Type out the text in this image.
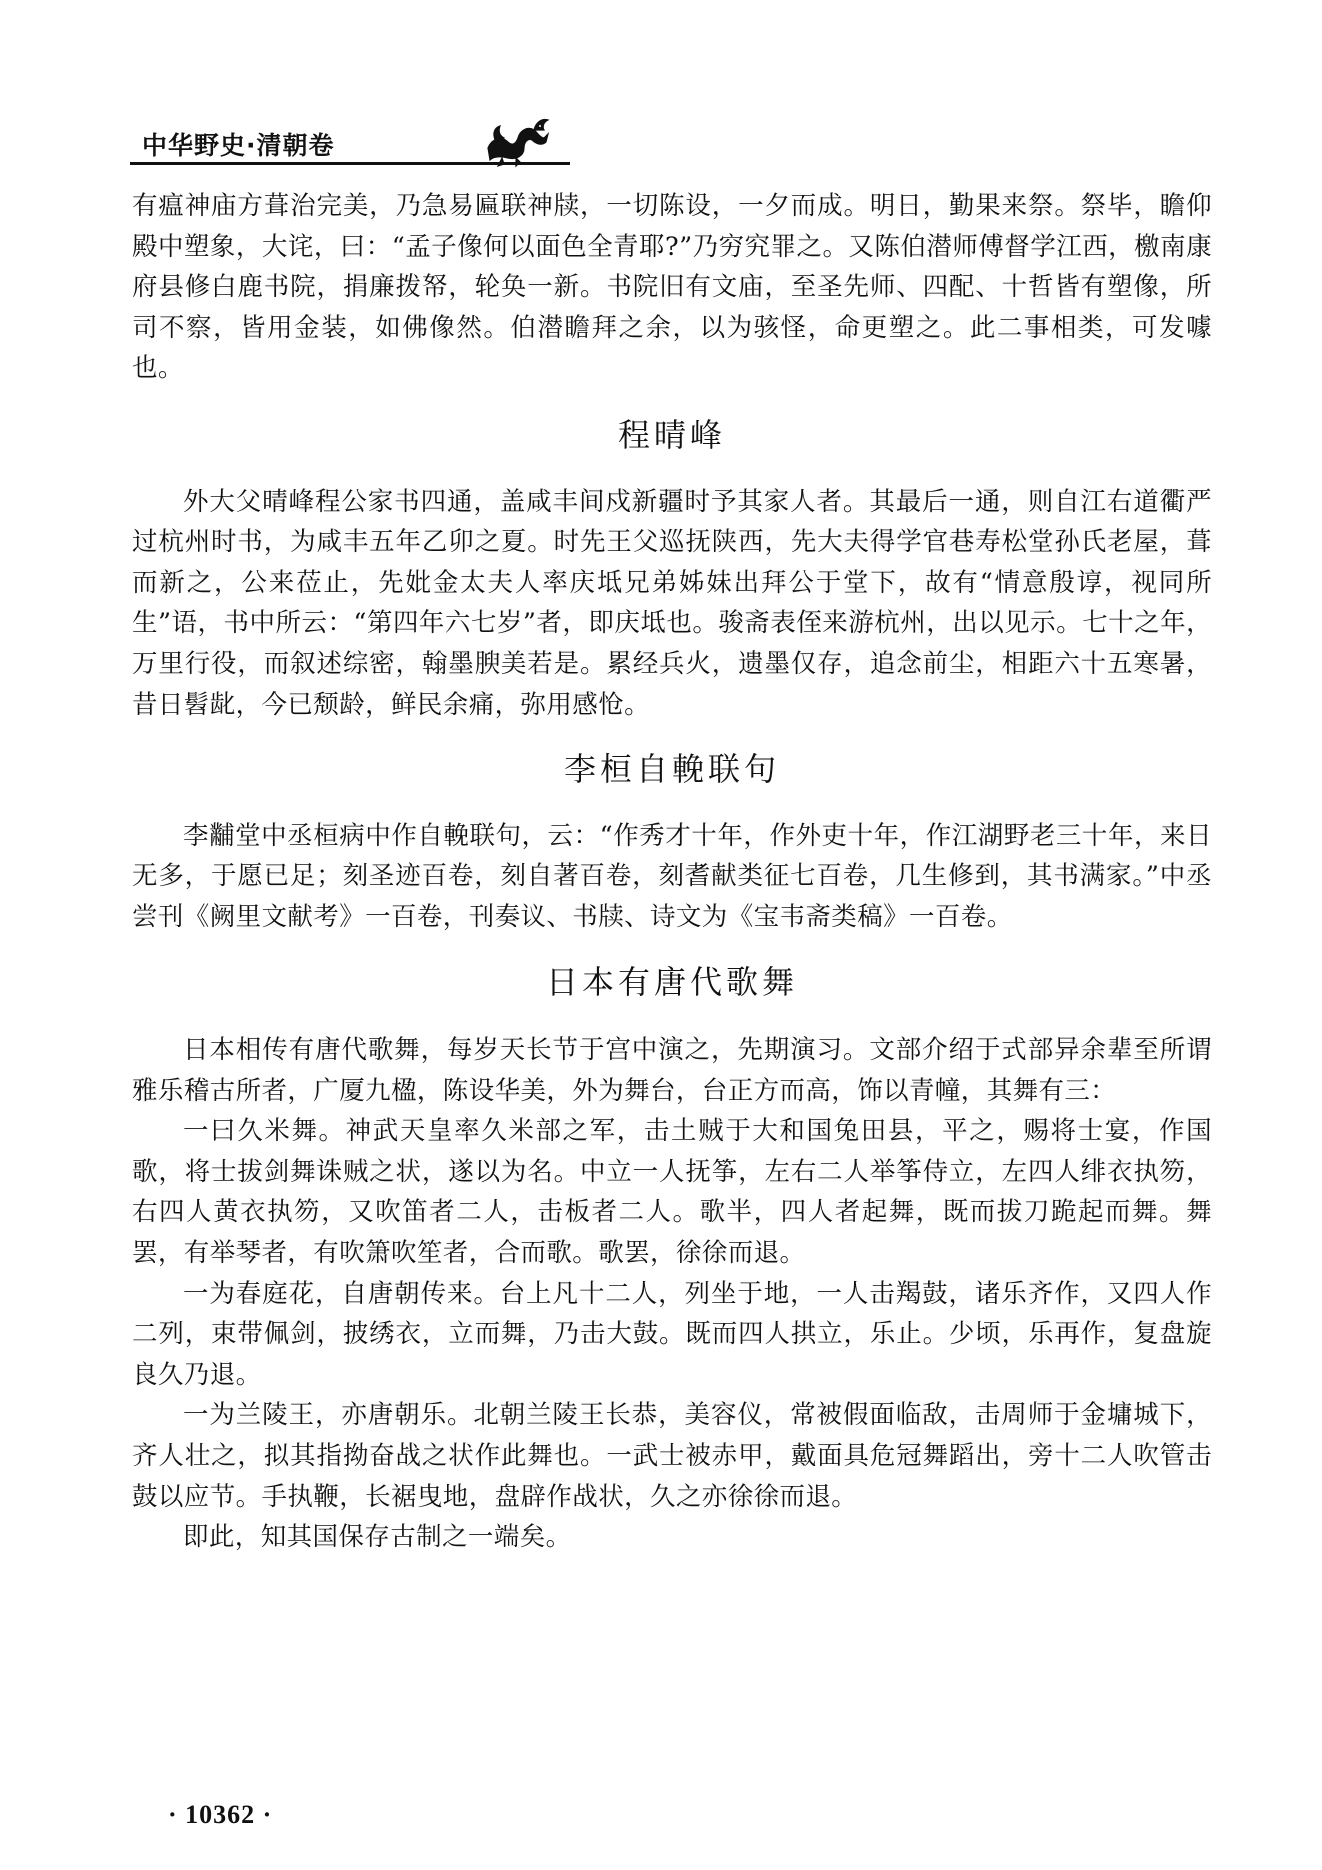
中华野史·清朝卷

有瘟神庙方葺治完美，乃急易匾联神牍，一切陈设，一夕而成。明日，勤果来祭。祭毕，瞻仰殿中塑象，大诧，曰：“孟子像何以面色全青耶?”乃穷究罪之。又陈伯潜师傅督学江西，檄南康府县修白鹿书院，捐廉拨帑，轮奂一新。书院旧有文庙，至圣先师、四配、十哲皆有塑像，所司不察，皆用金装，如佛像然。伯潜瞻拜之余，以为骇怪，命更塑之。此二事相类，可发噱也。

程晴峰

外大父晴峰程公家书四通，盖咸丰间戍新疆时予其家人者。其最后一通，则自江右道衢严过杭州时书，为咸丰五年乙卯之夏。时先王父巡抚陕西，先大夫得学官巷寿松堂孙氏老屋，葺而新之，公来莅止，先妣金太夫人率庆坻兄弟姊妹出拜公于堂下，故有“情意殷谆，视同所生”语，书中所云：“第四年六七岁”者，即庆坻也。骏斋表侄来游杭州，出以见示。七十之年，万里行役，而叙述综密，翰墨腴美若是。累经兵火，遗墨仅存，追念前尘，相距六十五寒暑，昔日髫龀，今已颓龄，鲜民余痛，弥用感怆。

李桓自輓联句

李黼堂中丞桓病中作自輓联句，云：“作秀才十年，作外吏十年，作江湖野老三十年，来日无多，于愿已足；刻圣迹百卷，刻自著百卷，刻耆献类征七百卷，几生修到，其书满家。”中丞尝刊《阙里文献考》一百卷，刊奏议、书牍、诗文为《宝韦斋类稿》一百卷。

日本有唐代歌舞

日本相传有唐代歌舞，每岁天长节于宫中演之，先期演习。文部介绍于式部异余辈至所谓雅乐稽古所者，广厦九楹，陈设华美，外为舞台，台正方而高，饰以青幢，其舞有三：

一曰久米舞。神武天皇率久米部之军，击土贼于大和国兔田县，平之，赐将士宴，作国歌，将士拔剑舞诛贼之状，遂以为名。中立一人抚筝，左右二人举筝侍立，左四人绯衣执笏，右四人黄衣执笏，又吹笛者二人，击板者二人。歌半，四人者起舞，既而拔刀跪起而舞。舞罢，有举琴者，有吹箫吹笙者，合而歌。歌罢，徐徐而退。

一为春庭花，自唐朝传来。台上凡十二人，列坐于地，一人击羯鼓，诸乐齐作，又四人作二列，束带佩剑，披绣衣，立而舞，乃击大鼓。既而四人拱立，乐止。少顷，乐再作，复盘旋良久乃退。

一为兰陵王，亦唐朝乐。北朝兰陵王长恭，美容仪，常被假面临敌，击周师于金墉城下，齐人壮之，拟其指拗奋战之状作此舞也。一武士被赤甲，戴面具危冠舞蹈出，旁十二人吹管击鼓以应节。手执鞭，长裾曳地，盘辟作战状，久之亦徐徐而退。

即此，知其国保存古制之一端矣。

· 10362 ·
